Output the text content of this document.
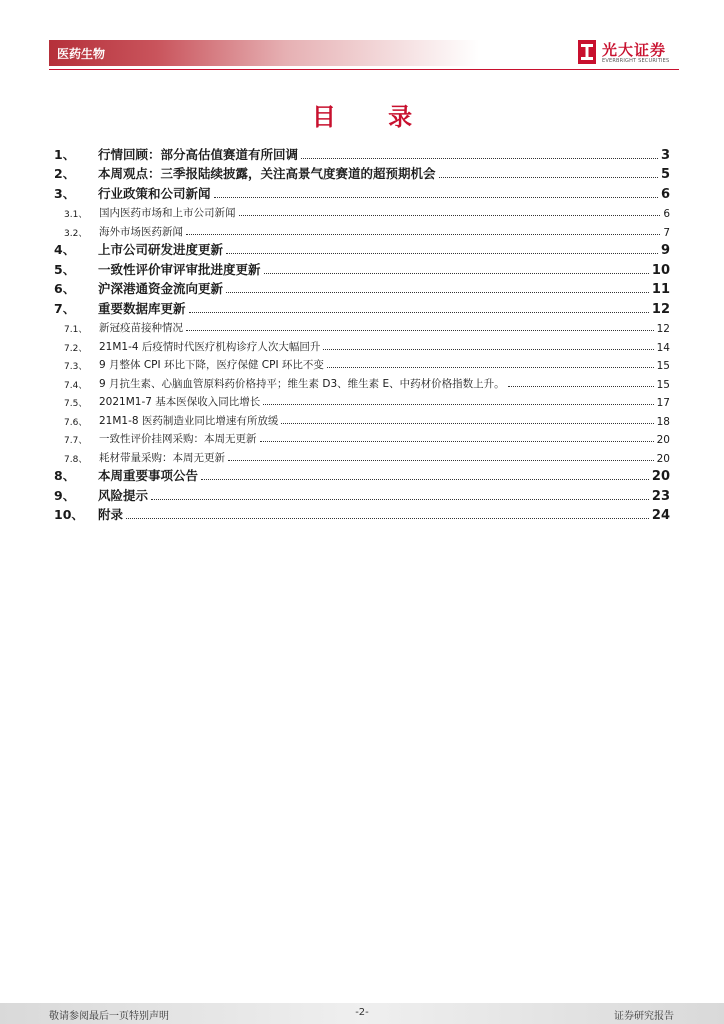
医药生物	光大证券
EVERBRIGHT SECURITIES
目 录
1、	行情回顾：部分高估值赛道有所回调	3
2、	本周观点：三季报陆续披露，关注高景气度赛道的超预期机会	5
3、	行业政策和公司新闻	6
3.1、	国内医药市场和上市公司新闻	6
3.2、	海外市场医药新闻	7
4、	上市公司研发进度更新	9
5、	一致性评价审评审批进度更新	10
6、	沪深港通资金流向更新	11
7、	重要数据库更新	12
7.1、	新冠疫苗接种情况	12
7.2、	21M1-4 后疫情时代医疗机构诊疗人次大幅回升	14
7.3、	9 月整体 CPI 环比下降，医疗保健 CPI 环比不变	15
7.4、	9 月抗生素、心脑血管原料药价格持平；维生素 D3、维生素 E、中药材价格指数上升。	15
7.5、	2021M1-7 基本医保收入同比增长	17
7.6、	21M1-8 医药制造业同比增速有所放缓	18
7.7、	一致性评价挂网采购：本周无更新	20
7.8、	耗材带量采购：本周无更新	20
8、	本周重要事项公告	20
9、	风险提示	23
10、	附录	24
敬请参阅最后一页特别声明	-2-	证券研究报告
